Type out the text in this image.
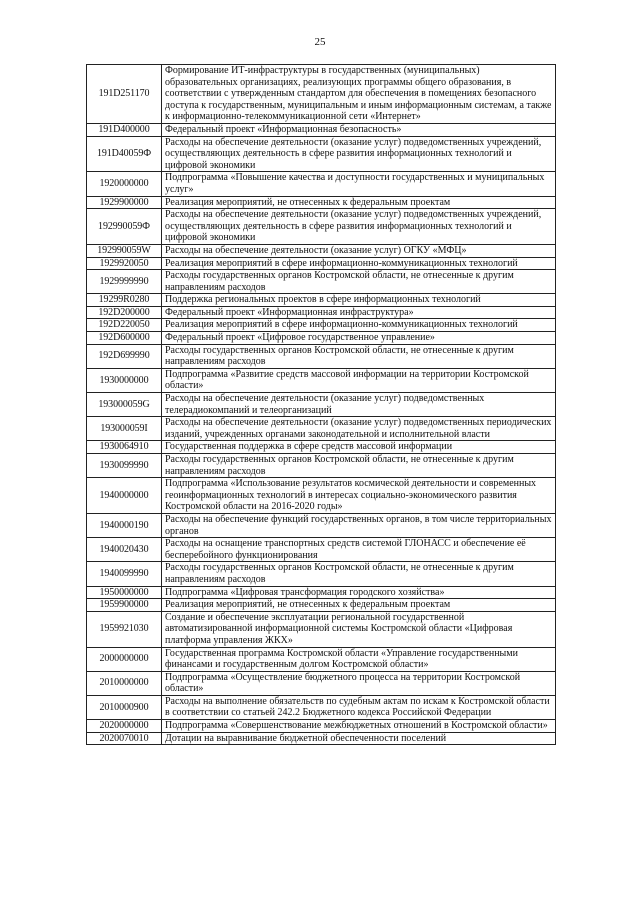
25
191D251170	Формирование ИТ-инфраструктуры в государственных (муниципальных) образовательных организациях, реализующих программы общего образования, в соответствии с утвержденным стандартом для обеспечения в помещениях безопасного доступа к государственным, муниципальным и иным информационным системам, а также к информационно-телекоммуникационной сети «Интернет»
191D400000	Федеральный проект «Информационная безопасность»
191D40059Ф	Расходы на обеспечение деятельности (оказание услуг) подведомственных учреждений, осуществляющих деятельность в сфере развития информационных технологий и цифровой экономики
1920000000	Подпрограмма «Повышение качества и доступности государственных и муниципальных услуг»
1929900000	Реализация мероприятий, не отнесенных к федеральным проектам
192990059Ф	Расходы на обеспечение деятельности (оказание услуг) подведомственных учреждений, осуществляющих деятельность в сфере развития информационных технологий и цифровой экономики
192990059W	Расходы на обеспечение деятельности (оказание услуг) ОГКУ «МФЦ»
1929920050	Реализация мероприятий в сфере информационно-коммуникационных технологий
1929999990	Расходы государственных органов Костромской области, не отнесенные к другим направлениям расходов
19299R0280	Поддержка региональных проектов в сфере информационных технологий
192D200000	Федеральный проект «Информационная инфраструктура»
192D220050	Реализация мероприятий в сфере информационно-коммуникационных технологий
192D600000	Федеральный проект «Цифровое государственное управление»
192D699990	Расходы государственных органов Костромской области, не отнесенные к другим направлениям расходов
1930000000	Подпрограмма «Развитие средств массовой информации на территории Костромской области»
193000059G	Расходы на обеспечение деятельности (оказание услуг) подведомственных телерадиокомпаний и телеорганизаций
193000059I	Расходы на обеспечение деятельности (оказание услуг) подведомственных периодических изданий, учрежденных органами законодательной и исполнительной власти
1930064910	Государственная поддержка в сфере средств массовой информации
1930099990	Расходы государственных органов Костромской области, не отнесенные к другим направлениям расходов
1940000000	Подпрограмма «Использование результатов космической деятельности и современных геоинформационных технологий в интересах социально-экономического развития Костромской области на 2016-2020 годы»
1940000190	Расходы на обеспечение функций государственных органов, в том числе территориальных органов
1940020430	Расходы на оснащение транспортных средств системой ГЛОНАСС и обеспечение её бесперебойного функционирования
1940099990	Расходы государственных органов Костромской области, не отнесенные к другим направлениям расходов
1950000000	Подпрограмма «Цифровая трансформация городского хозяйства»
1959900000	Реализация мероприятий, не отнесенных к федеральным проектам
1959921030	Создание и обеспечение эксплуатации региональной государственной автоматизированной информационной системы Костромской области «Цифровая платформа управления ЖКХ»
2000000000	Государственная программа Костромской области «Управление государственными финансами и государственным долгом Костромской области»
2010000000	Подпрограмма «Осуществление бюджетного процесса на территории Костромской области»
2010000900	Расходы на выполнение обязательств по судебным актам по искам к Костромской области в соответствии со статьей 242.2 Бюджетного кодекса Российской Федерации
2020000000	Подпрограмма «Совершенствование межбюджетных отношений в Костромской области»
2020070010	Дотации на выравнивание бюджетной обеспеченности поселений
